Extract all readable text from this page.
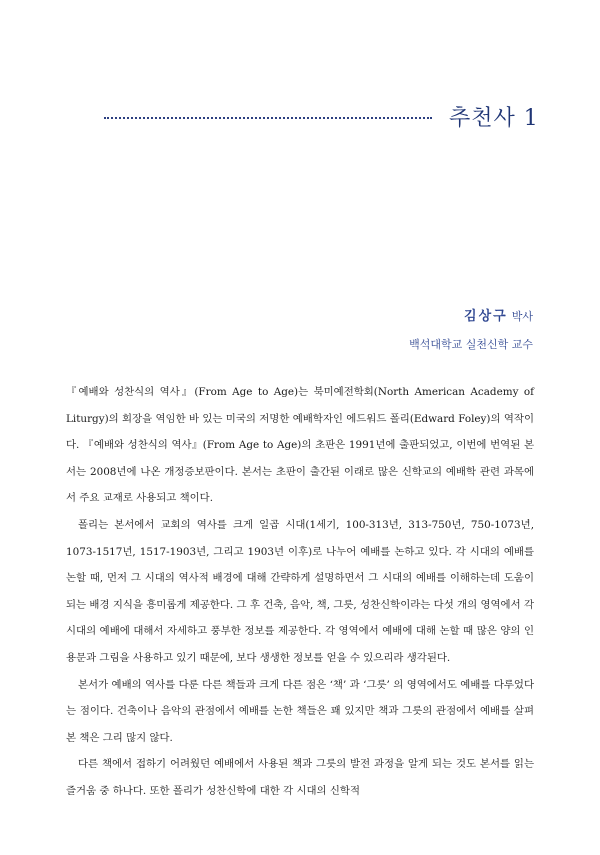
추천사 1
김상구 박사
백석대학교 실천신학 교수

『예배와 성찬식의 역사』(From Age to Age)는 북미예전학회(North American Academy of Liturgy)의 회장을 역임한 바 있는 미국의 저명한 예배학자인 에드워드 폴리(Edward Foley)의 역작이다. 『예배와 성찬식의 역사』(From Age to Age)의 초판은 1991년에 출판되었고, 이번에 번역된 본서는 2008년에 나온 개정증보판이다. 본서는 초판이 출간된 이래로 많은 신학교의 예배학 관련 과목에서 주요 교재로 사용되고 책이다.

폴리는 본서에서 교회의 역사를 크게 일곱 시대(1세기, 100-313년, 313-750년, 750-1073년, 1073-1517년, 1517-1903년, 그리고 1903년 이후)로 나누어 예배를 논하고 있다. 각 시대의 예배를 논할 때, 먼저 그 시대의 역사적 배경에 대해 간략하게 설명하면서 그 시대의 예배를 이해하는데 도움이 되는 배경 지식을 흥미롭게 제공한다. 그 후 건축, 음악, 책, 그릇, 성찬신학이라는 다섯 개의 영역에서 각 시대의 예배에 대해서 자세하고 풍부한 정보를 제공한다. 각 영역에서 예배에 대해 논할 때 많은 양의 인용문과 그림을 사용하고 있기 때문에, 보다 생생한 정보를 얻을 수 있으리라 생각된다.

본서가 예배의 역사를 다룬 다른 책들과 크게 다른 점은 ‘책’ 과 ‘그릇’ 의 영역에서도 예배를 다루었다는 점이다. 건축이나 음악의 관점에서 예배를 논한 책들은 꽤 있지만 책과 그릇의 관점에서 예배를 살펴본 책은 그리 많지 않다.

다른 책에서 접하기 어려웠던 예배에서 사용된 책과 그릇의 발전 과정을 알게 되는 것도 본서를 읽는 즐거움 중 하나다. 또한 폴리가 성찬신학에 대한 각 시대의 신학적
